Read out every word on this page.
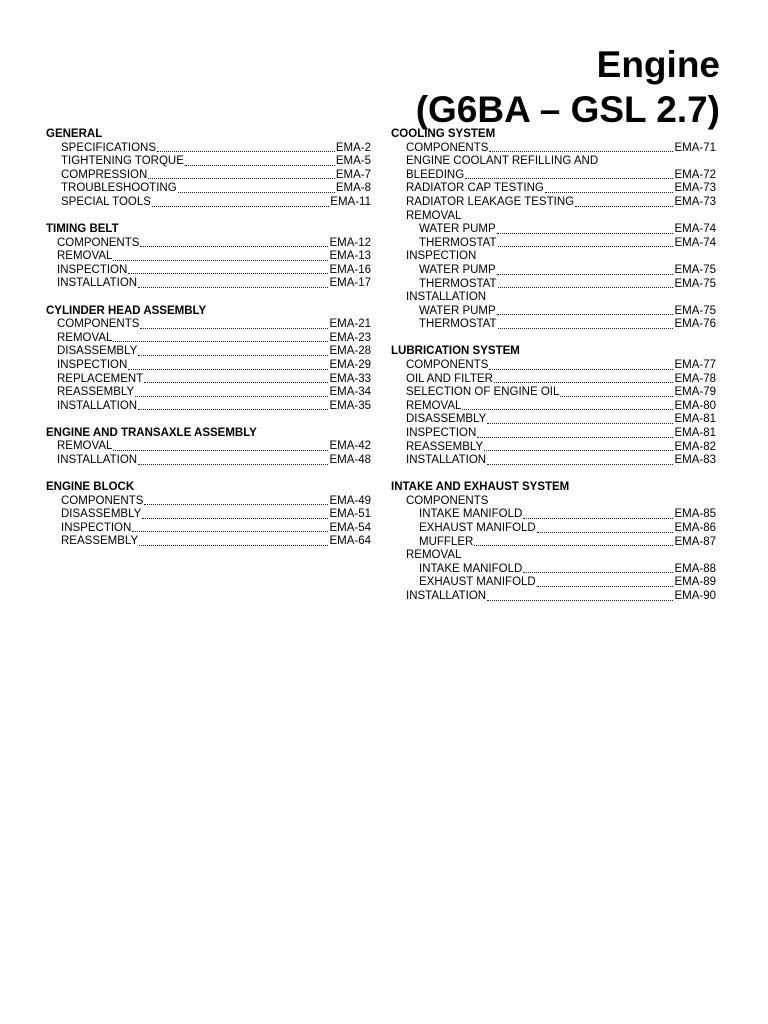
Engine
(G6BA – GSL 2.7)
GENERAL
SPECIFICATIONS	EMA-2
TIGHTENING TORQUE	EMA-5
COMPRESSION	EMA-7
TROUBLESHOOTING	EMA-8
SPECIAL TOOLS	EMA-11
TIMING BELT
COMPONENTS	EMA-12
REMOVAL	EMA-13
INSPECTION	EMA-16
INSTALLATION	EMA-17
CYLINDER HEAD ASSEMBLY
COMPONENTS	EMA-21
REMOVAL	EMA-23
DISASSEMBLY	EMA-28
INSPECTION	EMA-29
REPLACEMENT	EMA-33
REASSEMBLY	EMA-34
INSTALLATION	EMA-35
ENGINE AND TRANSAXLE ASSEMBLY
REMOVAL	EMA-42
INSTALLATION	EMA-48
ENGINE BLOCK
COMPONENTS	EMA-49
DISASSEMBLY	EMA-51
INSPECTION	EMA-54
REASSEMBLY	EMA-64
COOLING SYSTEM
COMPONENTS	EMA-71
ENGINE COOLANT REFILLING AND
BLEEDING	EMA-72
RADIATOR CAP TESTING	EMA-73
RADIATOR LEAKAGE TESTING	EMA-73
REMOVAL
WATER PUMP	EMA-74
THERMOSTAT	EMA-74
INSPECTION
WATER PUMP	EMA-75
THERMOSTAT	EMA-75
INSTALLATION
WATER PUMP	EMA-75
THERMOSTAT	EMA-76
LUBRICATION SYSTEM
COMPONENTS	EMA-77
OIL AND FILTER	EMA-78
SELECTION OF ENGINE OIL	EMA-79
REMOVAL	EMA-80
DISASSEMBLY	EMA-81
INSPECTION	EMA-81
REASSEMBLY	EMA-82
INSTALLATION	EMA-83
INTAKE AND EXHAUST SYSTEM
COMPONENTS
INTAKE MANIFOLD	EMA-85
EXHAUST MANIFOLD	EMA-86
MUFFLER	EMA-87
REMOVAL
INTAKE MANIFOLD	EMA-88
EXHAUST MANIFOLD	EMA-89
INSTALLATION	EMA-90
